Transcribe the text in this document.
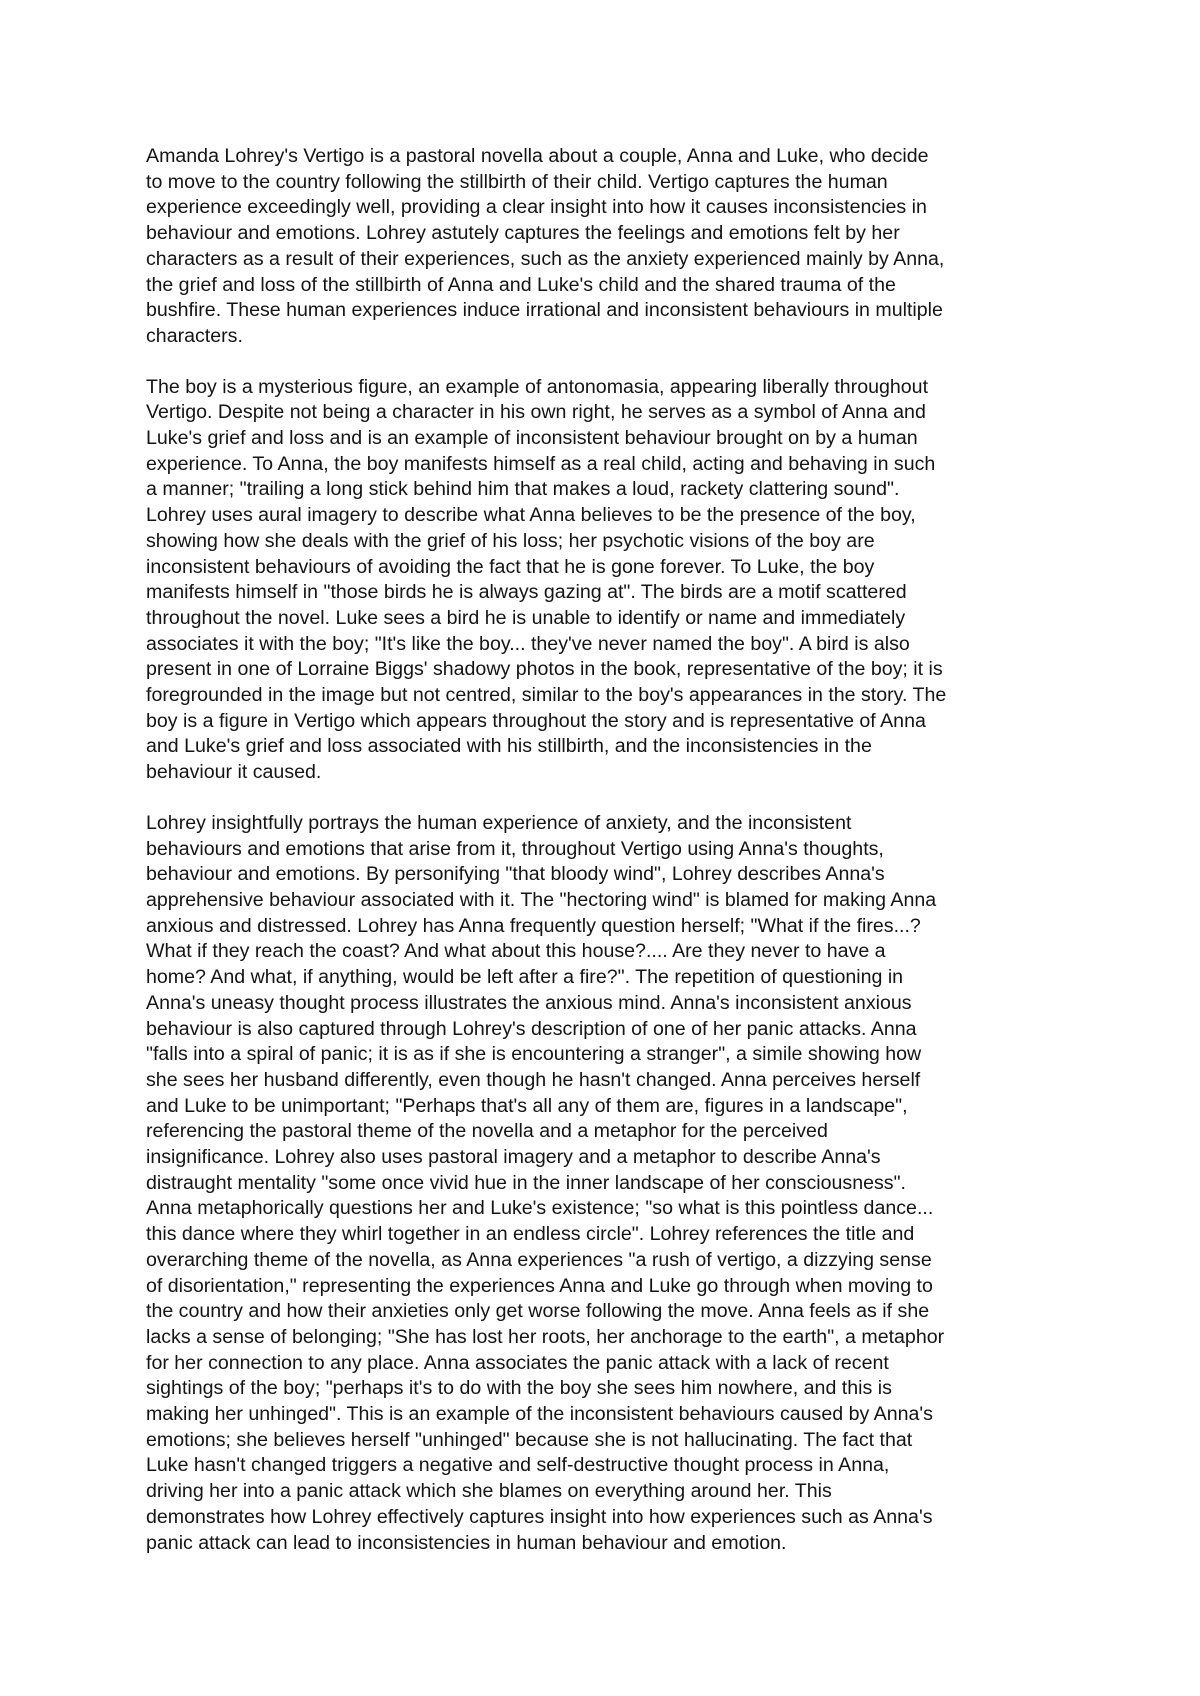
Amanda Lohrey's Vertigo is a pastoral novella about a couple, Anna and Luke, who decide
to move to the country following the stillbirth of their child. Vertigo captures the human
experience exceedingly well, providing a clear insight into how it causes inconsistencies in
behaviour and emotions. Lohrey astutely captures the feelings and emotions felt by her
characters as a result of their experiences, such as the anxiety experienced mainly by Anna,
the grief and loss of the stillbirth of Anna and Luke's child and the shared trauma of the
bushfire. These human experiences induce irrational and inconsistent behaviours in multiple
characters.

The boy is a mysterious figure, an example of antonomasia, appearing liberally throughout
Vertigo. Despite not being a character in his own right, he serves as a symbol of Anna and
Luke's grief and loss and is an example of inconsistent behaviour brought on by a human
experience. To Anna, the boy manifests himself as a real child, acting and behaving in such
a manner; "trailing a long stick behind him that makes a loud, rackety clattering sound".
Lohrey uses aural imagery to describe what Anna believes to be the presence of the boy,
showing how she deals with the grief of his loss; her psychotic visions of the boy are
inconsistent behaviours of avoiding the fact that he is gone forever. To Luke, the boy
manifests himself in "those birds he is always gazing at". The birds are a motif scattered
throughout the novel. Luke sees a bird he is unable to identify or name and immediately
associates it with the boy; "It's like the boy... they've never named the boy". A bird is also
present in one of Lorraine Biggs' shadowy photos in the book, representative of the boy; it is
foregrounded in the image but not centred, similar to the boy's appearances in the story. The
boy is a figure in Vertigo which appears throughout the story and is representative of Anna
and Luke's grief and loss associated with his stillbirth, and the inconsistencies in the
behaviour it caused.

Lohrey insightfully portrays the human experience of anxiety, and the inconsistent
behaviours and emotions that arise from it, throughout Vertigo using Anna's thoughts,
behaviour and emotions. By personifying "that bloody wind", Lohrey describes Anna's
apprehensive behaviour associated with it. The "hectoring wind" is blamed for making Anna
anxious and distressed. Lohrey has Anna frequently question herself; "What if the fires...?
What if they reach the coast? And what about this house?.... Are they never to have a
home? And what, if anything, would be left after a fire?". The repetition of questioning in
Anna's uneasy thought process illustrates the anxious mind. Anna's inconsistent anxious
behaviour is also captured through Lohrey's description of one of her panic attacks. Anna
"falls into a spiral of panic; it is as if she is encountering a stranger", a simile showing how
she sees her husband differently, even though he hasn't changed. Anna perceives herself
and Luke to be unimportant; "Perhaps that's all any of them are, figures in a landscape",
referencing the pastoral theme of the novella and a metaphor for the perceived
insignificance. Lohrey also uses pastoral imagery and a metaphor to describe Anna's
distraught mentality "some once vivid hue in the inner landscape of her consciousness".
Anna metaphorically questions her and Luke's existence; "so what is this pointless dance...
this dance where they whirl together in an endless circle". Lohrey references the title and
overarching theme of the novella, as Anna experiences "a rush of vertigo, a dizzying sense
of disorientation," representing the experiences Anna and Luke go through when moving to
the country and how their anxieties only get worse following the move. Anna feels as if she
lacks a sense of belonging; "She has lost her roots, her anchorage to the earth", a metaphor
for her connection to any place. Anna associates the panic attack with a lack of recent
sightings of the boy; "perhaps it's to do with the boy she sees him nowhere, and this is
making her unhinged". This is an example of the inconsistent behaviours caused by Anna's
emotions; she believes herself "unhinged" because she is not hallucinating. The fact that
Luke hasn't changed triggers a negative and self-destructive thought process in Anna,
driving her into a panic attack which she blames on everything around her. This
demonstrates how Lohrey effectively captures insight into how experiences such as Anna's
panic attack can lead to inconsistencies in human behaviour and emotion.
